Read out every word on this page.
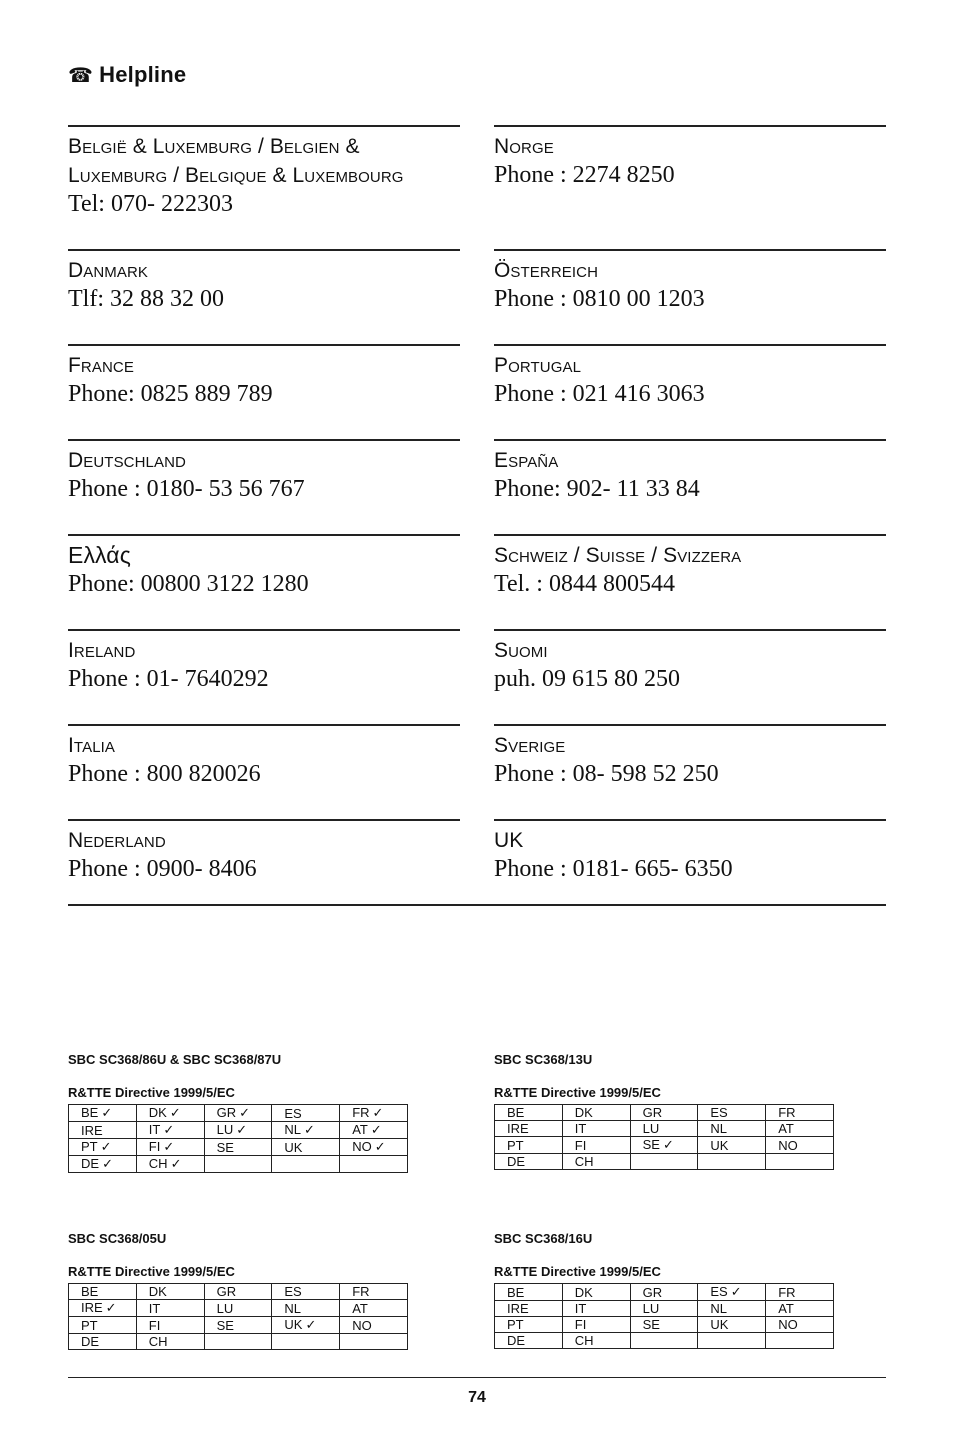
☎ Helpline
België & Luxemburg / Belgien & Luxemburg / Belgique & Luxembourg
Tel: 070- 222303
Danmark
Tlf: 32 88 32 00
France
Phone: 0825 889 789
Deutschland
Phone : 0180- 53 56 767
Ελλάς
Phone: 00800 3122 1280
Ireland
Phone : 01- 7640292
Italia
Phone : 800 820026
Nederland
Phone : 0900- 8406
Norge
Phone : 2274 8250
Österreich
Phone : 0810 00 1203
Portugal
Phone : 021 416 3063
España
Phone: 902- 11 33 84
Schweiz / Suisse / Svizzera
Tel. : 0844 800544
Suomi
puh. 09 615 80 250
Sverige
Phone : 08- 598 52 250
UK
Phone : 0181- 665- 6350
SBC SC368/86U & SBC SC368/87U
R&TTE Directive 1999/5/EC
BE ✓	DK ✓	GR ✓	ES	FR ✓
IRE	IT ✓	LU ✓	NL ✓	AT ✓
PT ✓	FI ✓	SE	UK	NO ✓
DE ✓	CH ✓			
SBC SC368/13U
R&TTE Directive 1999/5/EC
BE	DK	GR	ES	FR
IRE	IT	LU	NL	AT
PT	FI	SE ✓	UK	NO
DE	CH			
SBC SC368/05U
R&TTE Directive 1999/5/EC
BE	DK	GR	ES	FR
IRE ✓	IT	LU	NL	AT
PT	FI	SE	UK ✓	NO
DE	CH			
SBC SC368/16U
R&TTE Directive 1999/5/EC
BE	DK	GR	ES ✓	FR
IRE	IT	LU	NL	AT
PT	FI	SE	UK	NO
DE	CH			
74
